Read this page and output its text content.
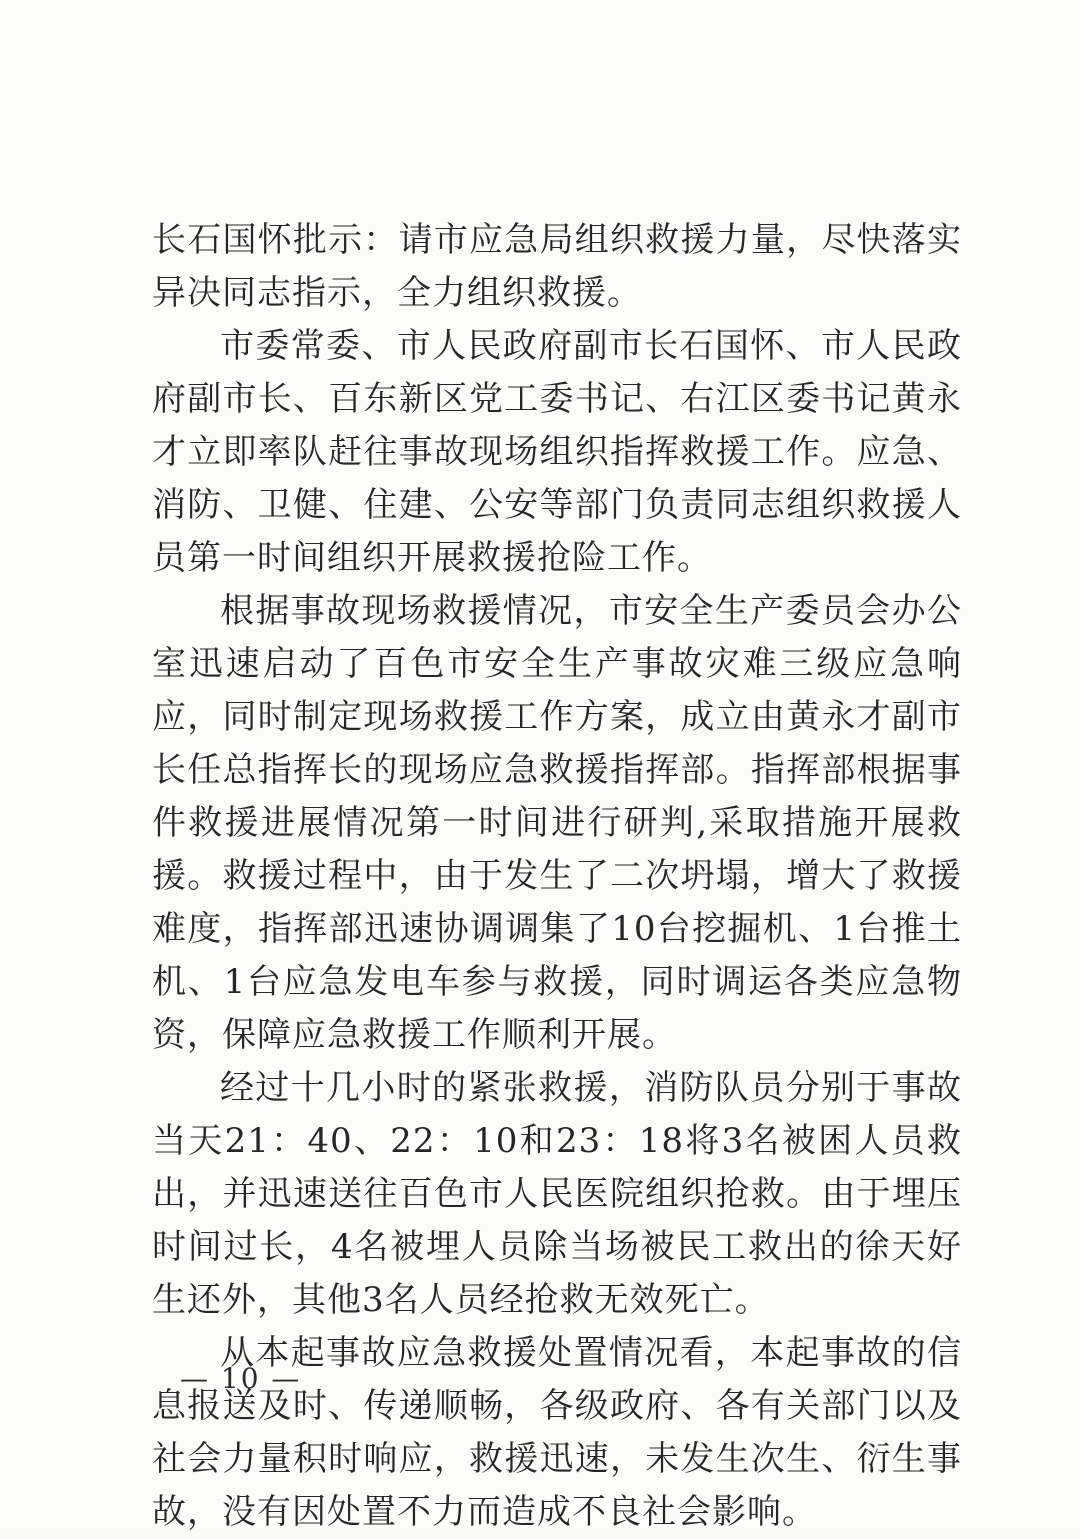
长石国怀批示：请市应急局组织救援力量，尽快落实异决同志指示，全力组织救援。

市委常委、市人民政府副市长石国怀、市人民政府副市长、百东新区党工委书记、右江区委书记黄永才立即率队赶往事故现场组织指挥救援工作。应急、消防、卫健、住建、公安等部门负责同志组织救援人员第一时间组织开展救援抢险工作。

根据事故现场救援情况，市安全生产委员会办公室迅速启动了百色市安全生产事故灾难三级应急响应，同时制定现场救援工作方案，成立由黄永才副市长任总指挥长的现场应急救援指挥部。指挥部根据事件救援进展情况第一时间进行研判,采取措施开展救援。救援过程中，由于发生了二次坍塌，增大了救援难度，指挥部迅速协调调集了10台挖掘机、1台推土机、1台应急发电车参与救援，同时调运各类应急物资，保障应急救援工作顺利开展。

经过十几小时的紧张救援，消防队员分别于事故当天21：40、22：10和23：18将3名被困人员救出，并迅速送往百色市人民医院组织抢救。由于埋压时间过长，4名被埋人员除当场被民工救出的徐天好生还外，其他3名人员经抢救无效死亡。

从本起事故应急救援处置情况看，本起事故的信息报送及时、传递顺畅，各级政府、各有关部门以及社会力量积时响应，救援迅速，未发生次生、衍生事故，没有因处置不力而造成不良社会影响。

— 10 —
